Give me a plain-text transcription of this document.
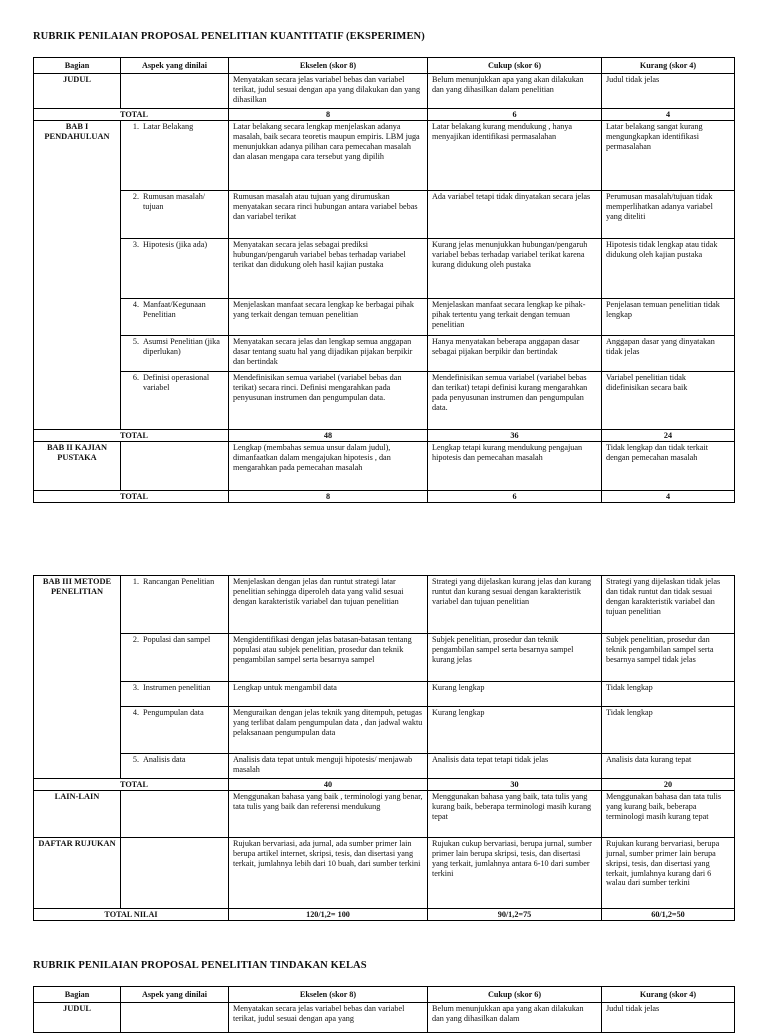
RUBRIK PENILAIAN PROPOSAL PENELITIAN KUANTITATIF (EKSPERIMEN)
Bagian	Aspek yang dinilai	Ekselen (skor 8)	Cukup (skor 6)	Kurang (skor 4)
JUDUL		Menyatakan secara jelas variabel bebas dan variabel terikat, judul sesuai dengan apa yang dilakukan dan yang dihasilkan	Belum menunjukkan apa yang akan dilakukan dan yang dihasilkan dalam penelitian	Judul tidak jelas
TOTAL		8	6	4
BAB I PENDAHULUAN	1. Latar Belakang	Latar belakang secara lengkap menjelaskan adanya masalah, baik secara teoretis maupun empiris. LBM juga menunjukkan adanya pilihan cara pemecahan masalah dan alasan mengapa cara tersebut yang dipilih	Latar belakang kurang mendukung , hanya menyajikan identifikasi permasalahan	Latar belakang sangat kurang mengungkapkan identifikasi permasalahan

	2. Rumusan masalah/ tujuan	Rumusan masalah atau tujuan yang dirumuskan menyatakan secara rinci hubungan antara variabel bebas dan variabel terikat	Ada variabel tetapi tidak dinyatakan secara jelas	Perumusan masalah/tujuan tidak memperlihatkan adanya variabel yang diteliti

	3. Hipotesis (jika ada)	Menyatakan secara jelas sebagai prediksi hubungan/pengaruh variabel bebas terhadap variabel terikat dan didukung oleh hasil kajian pustaka	Kurang jelas menunjukkan hubungan/pengaruh variabel bebas terhadap variabel terikat karena kurang didukung oleh pustaka	Hipotesis tidak lengkap atau tidak didukung oleh kajian pustaka

	4. Manfaat/Kegunaan Penelitian	Menjelaskan manfaat secara lengkap ke berbagai pihak yang terkait dengan temuan penelitian	Menjelaskan manfaat secara lengkap ke pihak-pihak tertentu yang terkait dengan temuan penelitian	Penjelasan temuan penelitian tidak lengkap

	5. Asumsi Penelitian (jika diperlukan)	Menyatakan secara jelas dan lengkap semua anggapan dasar tentang suatu hal yang dijadikan pijakan berpikir dan bertindak	Hanya menyatakan beberapa anggapan dasar sebagai pijakan berpikir dan bertindak	Anggapan dasar yang dinyatakan tidak jelas

	6. Definisi operasional variabel	Mendefinisikan semua variabel (variabel bebas dan terikat) secara rinci. Definisi mengarahkan pada penyusunan instrumen dan pengumpulan data.	Mendefinisikan semua variabel (variabel bebas dan terikat) tetapi definisi kurang mengarahkan pada penyusunan instrumen dan pengumpulan data.	Variabel penelitian tidak didefinisikan secara baik
TOTAL		48	36	24
BAB II KAJIAN PUSTAKA		Lengkap (membahas semua unsur dalam judul), dimanfaatkan dalam mengajukan hipotesis , dan mengarahkan pada pemecahan masalah	Lengkap tetapi kurang mendukung pengajuan hipotesis dan pemecahan masalah	Tidak lengkap dan tidak terkait dengan pemecahan masalah
TOTAL		8	6	4
BAB III METODE PENELITIAN	1. Rancangan Penelitian	Menjelaskan dengan jelas dan runtut strategi latar penelitian sehingga diperoleh data yang valid sesuai dengan karakteristik variabel dan tujuan penelitian	Strategi yang dijelaskan kurang jelas dan kurang runtut dan kurang sesuai dengan karakteristik variabel dan tujuan penelitian	Strategi yang dijelaskan tidak jelas dan tidak runtut dan tidak sesuai dengan karakteristik variabel dan tujuan penelitian

	2. Populasi dan sampel	Mengidentifikasi dengan jelas batasan-batasan tentang populasi atau subjek penelitian, prosedur dan teknik pengambilan sampel serta besarnya sampel	Subjek penelitian, prosedur dan teknik pengambilan sampel serta besarnya sampel kurang jelas	Subjek penelitian, prosedur dan teknik pengambilan sampel serta besarnya sampel tidak jelas

	3. Instrumen penelitian	Lengkap untuk mengambil data	Kurang lengkap	Tidak lengkap

	4. Pengumpulan data	Menguraikan dengan jelas teknik yang ditempuh, petugas yang terlibat dalam pengumpulan data , dan jadwal waktu pelaksanaan pengumpulan data	Kurang lengkap	Tidak lengkap

	5. Analisis data	Analisis data tepat untuk menguji hipotesis/ menjawab masalah	Analisis data tepat tetapi tidak jelas	Analisis data kurang tepat
TOTAL		40	30	20
LAIN-LAIN		Menggunakan bahasa yang baik , terminologi yang benar, tata tulis yang baik dan referensi mendukung	Menggunakan bahasa yang baik, tata tulis yang kurang baik, beberapa terminologi masih kurang tepat	Menggunakan bahasa dan tata tulis yang kurang baik, beberapa terminologi masih kurang tepat
DAFTAR RUJUKAN		Rujukan bervariasi, ada jurnal, ada sumber primer lain berupa artikel internet, skripsi, tesis, dan disertasi yang terkait, jumlahnya lebih dari 10 buah, dari sumber terkini	Rujukan cukup bervariasi, berupa jurnal, sumber primer lain berupa skripsi, tesis, dan disertasi yang terkait, jumlahnya antara 6-10 dari sumber terkini	Rujukan kurang bervariasi, berupa jurnal, sumber primer lain berupa skripsi, tesis, dan disertasi yang terkait, jumlahnya kurang dari 6 walau dari sumber terkini
TOTAL NILAI		120/1,2= 100	90/1,2=75	60/1,2=50
RUBRIK PENILAIAN PROPOSAL PENELITIAN TINDAKAN KELAS
Bagian	Aspek yang dinilai	Ekselen (skor 8)	Cukup (skor 6)	Kurang (skor 4)
JUDUL		Menyatakan secara jelas variabel bebas dan variabel terikat, judul sesuai dengan apa yang	Belum menunjukkan apa yang akan dilakukan dan yang dihasilkan dalam	Judul tidak jelas
